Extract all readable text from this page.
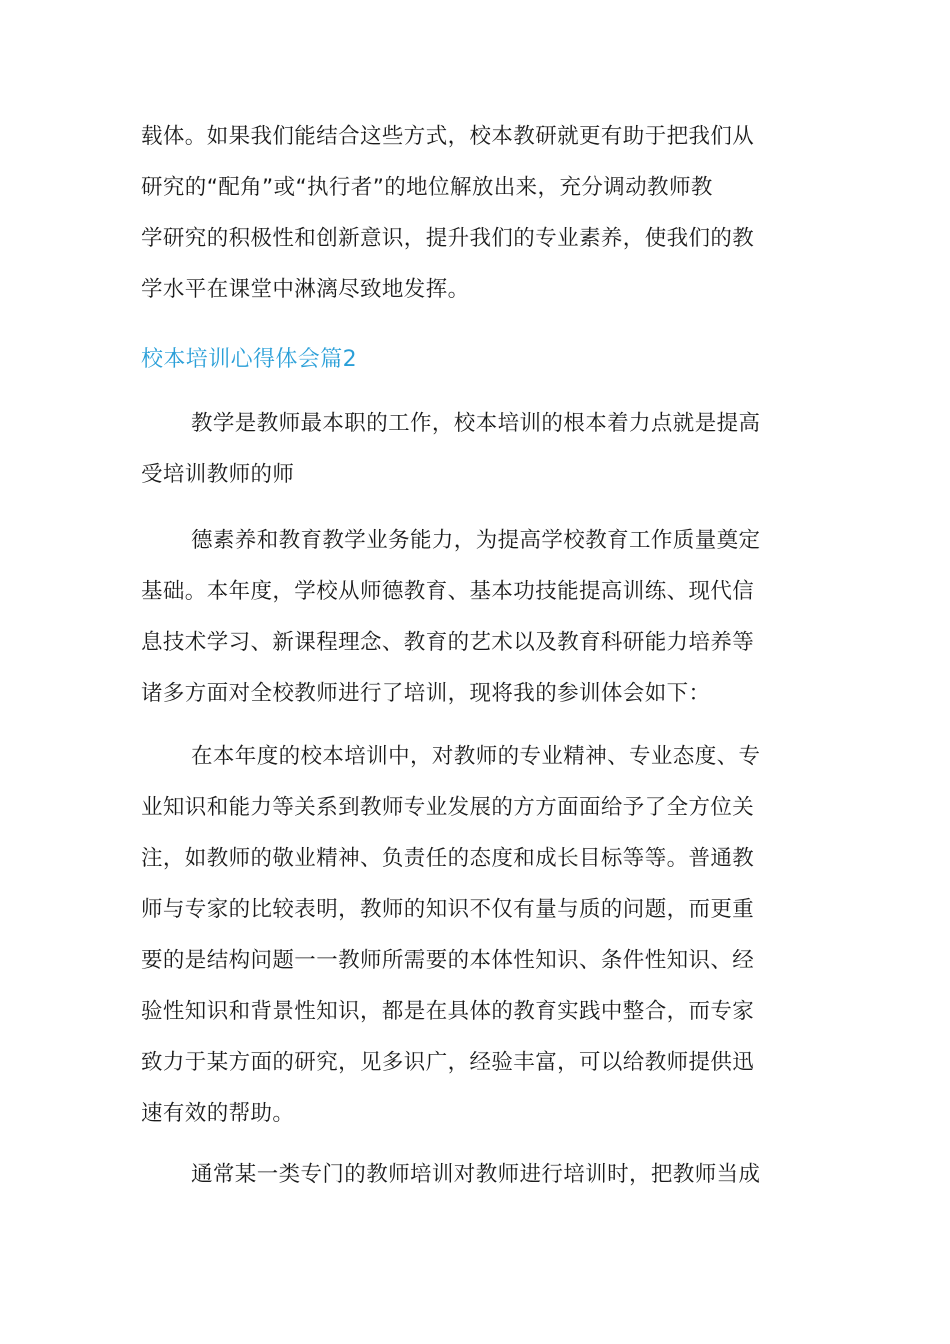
载体。如果我们能结合这些方式，校本教研就更有助于把我们从
研究的“配角”或“执行者”的地位解放出来，充分调动教师教
学研究的积极性和创新意识，提升我们的专业素养，使我们的教
学水平在课堂中淋漓尽致地发挥。
校本培训心得体会篇2
教学是教师最本职的工作，校本培训的根本着力点就是提高
受培训教师的师
德素养和教育教学业务能力，为提高学校教育工作质量奠定
基础。本年度，学校从师德教育、基本功技能提高训练、现代信
息技术学习、新课程理念、教育的艺术以及教育科研能力培养等
诸多方面对全校教师进行了培训，现将我的参训体会如下：
在本年度的校本培训中，对教师的专业精神、专业态度、专
业知识和能力等关系到教师专业发展的方方面面给予了全方位关
注，如教师的敬业精神、负责任的态度和成长目标等等。普通教
师与专家的比较表明，教师的知识不仅有量与质的问题，而更重
要的是结构问题一一教师所需要的本体性知识、条件性知识、经
验性知识和背景性知识，都是在具体的教育实践中整合，而专家
致力于某方面的研究，见多识广，经验丰富，可以给教师提供迅
速有效的帮助。
通常某一类专门的教师培训对教师进行培训时，把教师当成
